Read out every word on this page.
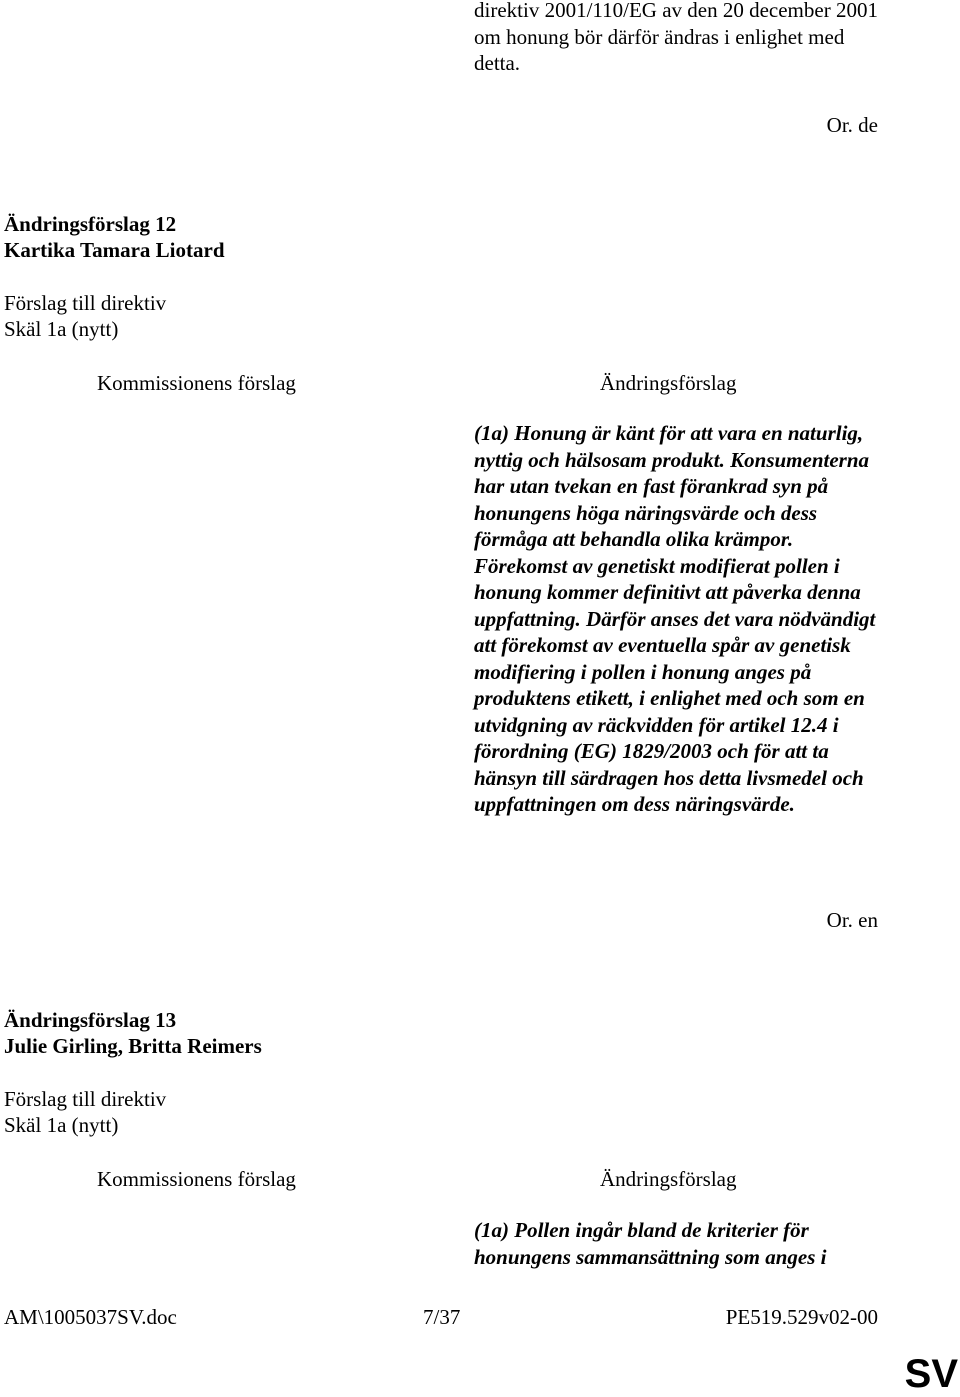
direktiv 2001/110/EG av den 20 december 2001 om honung bör därför ändras i enlighet med detta.

Or. de

Ändringsförslag 12

Kartika Tamara Liotard

Förslag till direktiv

Skäl 1a (nytt)

Kommissionens förslag	Ändringsförslag

(1a) Honung är känt för att vara en naturlig, nyttig och hälsosam produkt. Konsumenterna har utan tvekan en fast förankrad syn på honungens höga näringsvärde och dess förmåga att behandla olika krämpor. Förekomst av genetiskt modifierat pollen i honung kommer definitivt att påverka denna uppfattning. Därför anses det vara nödvändigt att förekomst av eventuella spår av genetisk modifiering i pollen i honung anges på produktens etikett, i enlighet med och som en utvidgning av räckvidden för artikel 12.4 i förordning (EG) 1829/2003 och för att ta hänsyn till särdragen hos detta livsmedel och uppfattningen om dess näringsvärde.

Or. en

Ändringsförslag 13

Julie Girling, Britta Reimers

Förslag till direktiv

Skäl 1a (nytt)

Kommissionens förslag	Ändringsförslag

(1a) Pollen ingår bland de kriterier för honungens sammansättning som anges i

AM\1005037SV.doc	7/37	PE519.529v02-00

SV
